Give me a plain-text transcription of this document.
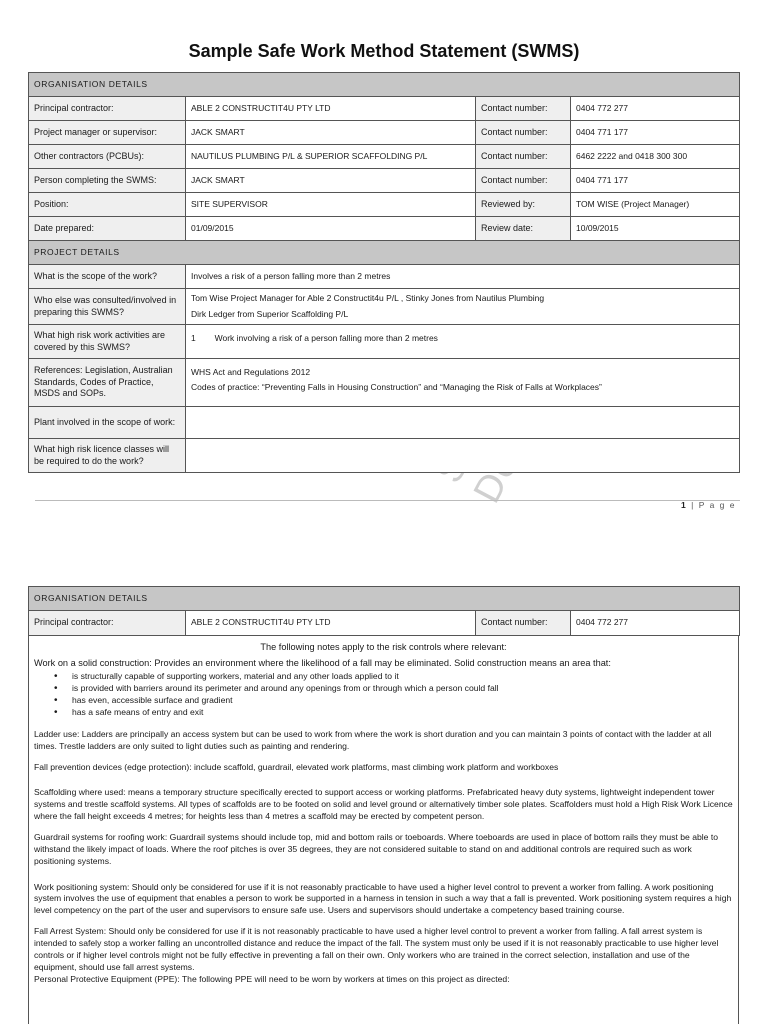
Sample Safe Work Method Statement (SWMS)
ORGANISATION DETAILS			
Principal contractor:	ABLE 2 CONSTRUCTIT4U PTY LTD	Contact number:	0404 772 277
Project manager or supervisor:	JACK SMART	Contact number:	0404 771 177
Other contractors (PCBUs):	NAUTILUS PLUMBING P/L & SUPERIOR SCAFFOLDING P/L	Contact number:	6462 2222 and 0418 300 300
Person completing the SWMS:	JACK SMART	Contact number:	0404 771 177
Position:	SITE SUPERVISOR	Reviewed by:	TOM WISE (Project Manager)
Date prepared:	01/09/2015	Review date:	10/09/2015
PROJECT DETAILS			
What is the scope of the work?	Involves a risk of a person falling more than 2 metres		
Who else was consulted/involved in preparing this SWMS?	Tom Wise Project Manager for Able 2 Constructit4u P/L , Stinky Jones from Nautilus Plumbing
Dirk Ledger from Superior Scaffolding P/L		

What high risk work activities are covered by this SWMS?	1        Work involving a risk of a person falling more than 2 metres		
References: Legislation, Australian Standards, Codes of Practice, MSDS and SOPs.	WHS Act and Regulations 2012
Codes of practice: “Preventing Falls in Housing Construction” and “Managing the Risk of Falls at Workplaces”		

Plant involved in the scope of work:			
What high risk licence classes will be required to do the work?			
1 | P a g e
ORGANISATION DETAILS
Principal contractor:	ABLE 2 CONSTRUCTIT4U PTY LTD	Contact number:	0404 772 277
The following notes apply to the risk controls where relevant:
Work on a solid construction: Provides an environment where the likelihood of a fall may be eliminated. Solid construction means an area that:
• is structurally capable of supporting workers, material and any other loads applied to it
• is provided with barriers around its perimeter and around any openings from or through which a person could fall
• has even, accessible surface and gradient
• has a safe means of entry and exit

Ladder use: Ladders are principally an access system but can be used to work from where the work is short duration and you can maintain 3 points of contact with the ladder at all times. Trestle ladders are only suited to light duties such as painting and rendering.

Fall prevention devices (edge protection): include scaffold, guardrail, elevated work platforms, mast climbing work platform and workboxes

Scaffolding where used: means a temporary structure specifically erected to support access or working platforms. Prefabricated heavy duty systems, lightweight independent tower systems and trestle scaffold systems. All types of scaffolds are to be footed on solid and level ground or alternatively timber sole plates. Scaffolders must hold a High Risk Work Licence where the fall height exceeds 4 metres; for heights less than 4 metres a scaffold may be erected by competent person.

Guardrail systems for roofing work: Guardrail systems should include top, mid and bottom rails or toeboards. Where toeboards are used in place of bottom rails they must be able to withstand the likely impact of loads. Where the roof pitches is over 35 degrees, they are not considered suitable to stand on and additional controls are required such as work positioning systems.

Work positioning system: Should only be considered for use if it is not reasonably practicable to have used a higher level control to prevent a worker from falling. A work positioning system involves the use of equipment that enables a person to work be supported in a harness in tension in such a way that a fall is prevented. Work positioning system requires a high level competency on the part of the user and supervisors to ensure safe use. Users and supervisors should undertake a competency based training course.

Fall Arrest System: Should only be considered for use if it is not reasonably practicable to have used a higher level control to prevent a worker from falling. A fall arrest system is intended to safely stop a worker falling an uncontrolled distance and reduce the impact of the fall. The system must only be used if it is not reasonably practicable to use higher level controls or if higher level controls might not be fully effective in preventing a fall on their own. Only workers who are trained in the correct selection, installation and use of the equipment, should use fall arrest systems.

Personal Protective Equipment (PPE): The following PPE will need to be worn by workers at times on this project as directed:
